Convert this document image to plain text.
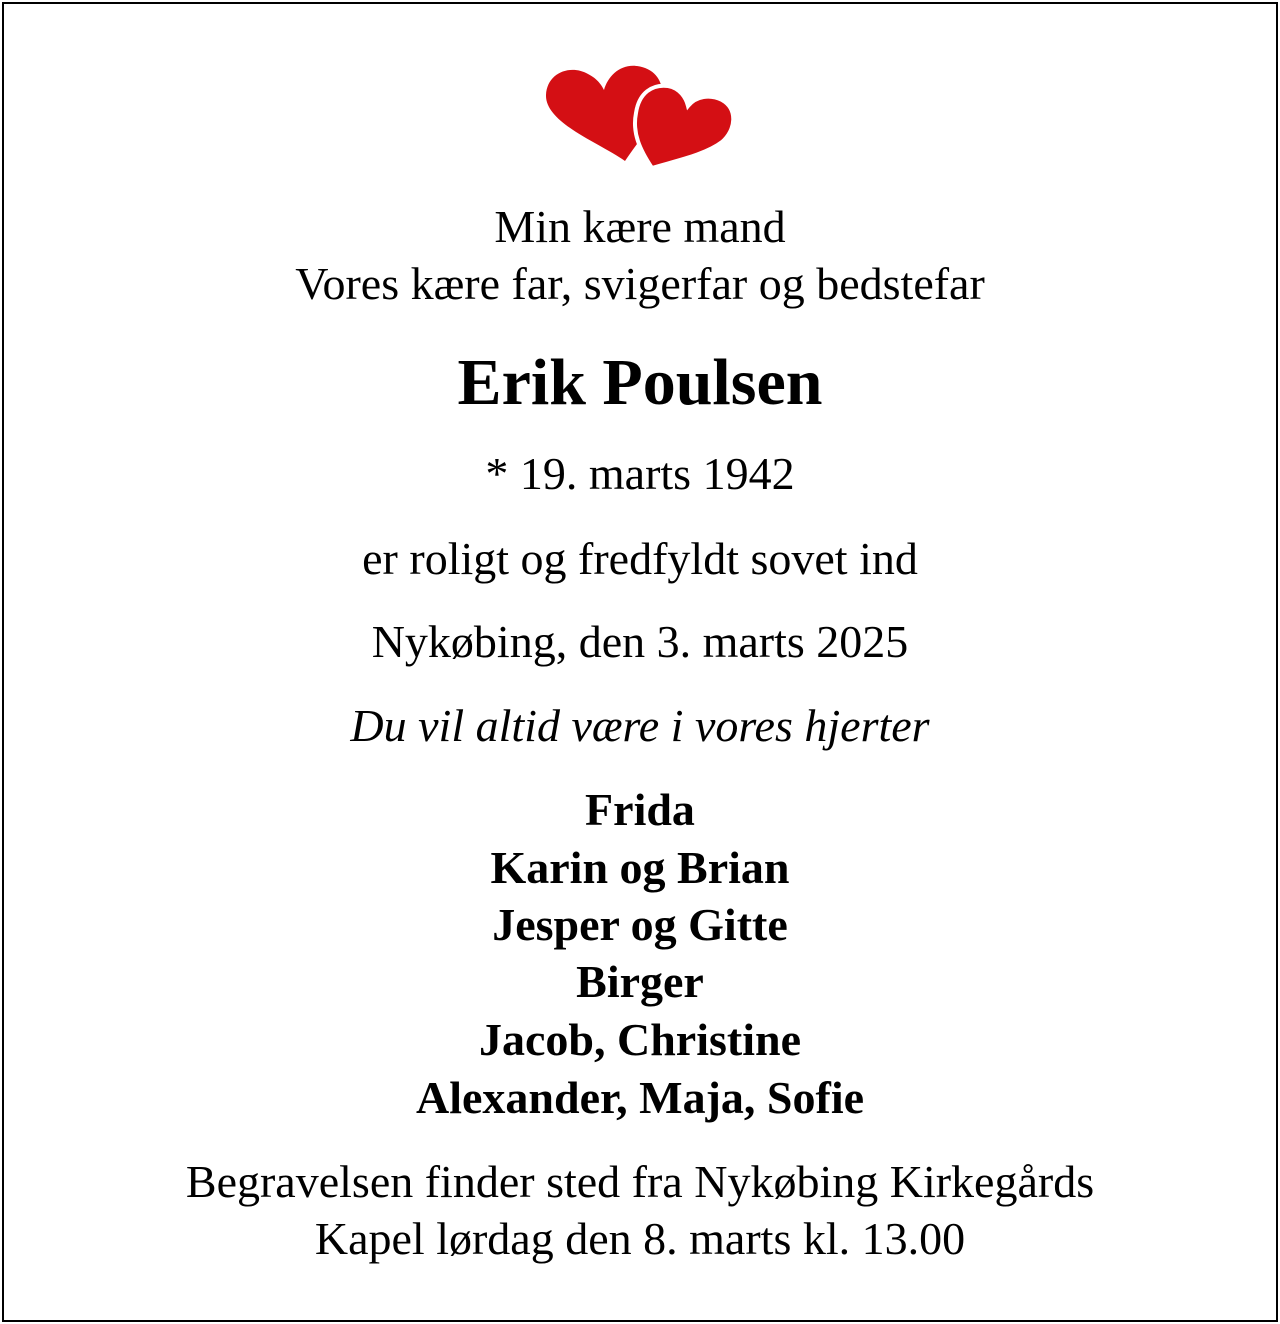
Min kære mand
Vores kære far, svigerfar og bedstefar
Erik Poulsen
* 19. marts 1942
er roligt og fredfyldt sovet ind
Nykøbing, den 3. marts 2025
Du vil altid være i vores hjerter
Frida
Karin og Brian
Jesper og Gitte
Birger
Jacob, Christine
Alexander, Maja, Sofie
Begravelsen finder sted fra Nykøbing Kirkegårds
Kapel lørdag den 8. marts kl. 13.00
